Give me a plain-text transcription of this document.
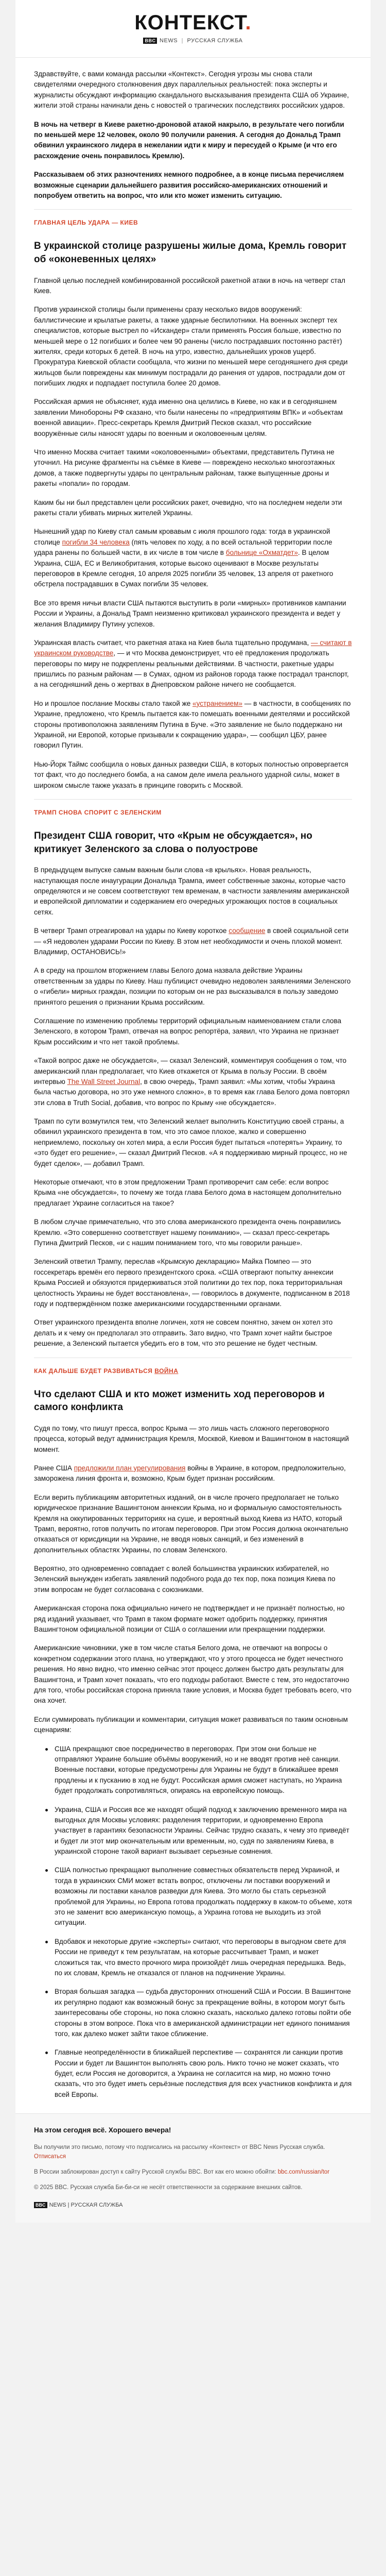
КОНТЕКСТ.
BBC NEWS | РУССКАЯ СЛУЖБА

Здравствуйте, с вами команда рассылки «Контекст». Сегодня угрозы мы снова стали свидетелями очередного столкновения двух параллельных реальностей: пока эксперты и журналисты обсуждают информацию скандального высказывания президента США об Украине, жители этой страны начинали день с новостей о трагических последствиях российских ударов.

В ночь на четверг в Киеве ракетно-дроновой атакой накрыло, в результате чего погибли по меньшей мере 12 человек, около 90 получили ранения. А сегодня до Дональд Трамп обвинил украинского лидера в нежелании идти к миру и пересудей о Крыме (и что его расхождение очень понравилось Кремлю).

Рассказываем об этих разночтениях немного подробнее, а в конце письма перечисляем возможные сценарии дальнейшего развития российско-американских отношений и попробуем ответить на вопрос, что или кто может изменить ситуацию.

ГЛАВНАЯ ЦЕЛЬ УДАРА — КИЕВ
В украинской столице разрушены жилые дома, Кремль говорит об «оконевенных целях»

Главной целью последней комбинированной российской ракетной атаки в ночь на четверг стал Киев.

Против украинской столицы были применены сразу несколько видов вооружений: баллистические и крылатые ракеты, а также ударные беспилотники. На военных эксперт тех специалистов, которые выстрел по «Искандер» стали применять Россия больше, известно по меньшей мере о 12 погибших и более чем 90 ранены (число пострадавших постоянно растёт) жителях, среди которых 6 детей. В ночь на утро, известно, дальнейших уроков ущерб. Прокуратура Киевской области сообщала, что жизни по меньшей мере сегодняшнего дня среди жильцов были повреждены как минимум пострадали до ранения от ударов, пострадали дом от погибших людях и подпадает поступила более 20 домов.

Российская армия не объясняет, куда именно она целились в Киеве, но как и в сегодняшнем заявлении Минобороны РФ сказано, что были нанесены по «предприятиям ВПК» и «объектам военной авиации». Пресс-секретарь Кремля Дмитрий Песков сказал, что российские вооружённые силы наносят удары по военным и околовоенным целям.

Что именно Москва считает такими «околовоенными» объектами, представитель Путина не уточнил. На рисунке фрагменты на съёмке в Киеве — повреждено несколько многоэтажных домов, а также подвергнуты удары по центральным районам, также выпущенные дроны и ракеты «попали» по городам.

Каким бы ни был представлен цели российских ракет, очевидно, что на последнем недели эти ракеты стали убивать мирных жителей Украины.

Нынешний удар по Киеву стал самым кровавым с июля прошлого года: тогда в украинской столице погибли 34 человека (пять человек по ходу, а по всей остальной территории после удара ранены по большей части, в их числе в том числе в больнице «Охматдет». В целом Украина, США, ЕС и Великобритания, которые высоко оценивают в Москве результаты переговоров в Кремле сегодня, 10 апреля 2025 погибли 35 человек, 13 апреля от ракетного обстрела пострадавших в Сумах погибли 35 человек.

Все это время ничьи власти США пытаются выступить в роли «мирных» противников кампании России и Украины, а Дональд Трамп неизменно критиковал украинского президента и ведет у желания Владимиру Путину успехов.

Украинская власть считает, что ракетная атака на Киев была тщательно продумана, — считают в украинском руководстве, — и что Москва демонстрирует, что её предложения продолжать переговоры по миру не подкреплены реальными действиями. В частности, ракетные удары пришлись по разным районам — в Сумах, одном из районов города также пострадал транспорт, а на сегодняшний день о жертвах в Днепровском районе ничего не сообщается.

Но и прошлое послание Москвы стало такой же «устранением» — в частности, в сообщениях по Украине, предложено, что Кремль пытается как-то помешать военными деятелями и российской стороны противоположна заявлениям Путина в Буче. «Это заявление не было поддержано ни Украиной, ни Европой, которые призывали к сокращению удара», — сообщил ЦБУ, ранее говорил Путин.

Нью-Йорк Таймс сообщила о новых данных разведки США, в которых полностью опровергается тот факт, что до последнего бомба, а на самом деле имела реального ударной силы, может в широком смысле также указать в принципе говорить с Москвой.

ТРАМП СНОВА СПОРИТ С ЗЕЛЕНСКИМ
Президент США говорит, что «Крым не обсуждается», но критикует Зеленского за слова о полуострове

В предыдущем выпуске самым важным были слова «в крыльях». Новая реальность, наступающая после инаугурации Дональда Трампа, имеет собственные законы, которые часто определяются и не совсем соответствуют тем временам, в частности заявлениям американской и европейской дипломатии и содержанием его очередных угрожающих постов в социальных сетях.

В четверг Трамп отреагировал на удары по Киеву короткое сообщение в своей социальной сети — «Я недоволен ударами России по Киеву. В этом нет необходимости и очень плохой момент. Владимир, ОСТАНОВИСЬ!»

А в среду на прошлом вторжением главы Белого дома назвала действие Украины ответственным за удары по Киеву. Наш публицист очевидно недоволен заявлениями Зеленского о «гибели» мирных граждан, позиции по которым он не раз высказывался в пользу заведомо принятого решения о признании Крыма российским.

Соглашение по изменению проблемы территорий официальным наименованием стали слова Зеленского, в котором Трамп, отвечая на вопрос репортёра, заявил, что Украина не признает Крым российским и что нет такой проблемы.

«Такой вопрос даже не обсуждается», — сказал Зеленский, комментируя сообщения о том, что американский план предполагает, что Киев откажется от Крыма в пользу России. В своём интервью The Wall Street Journal, в свою очередь, Трамп заявил: «Мы хотим, чтобы Украина была частью договора, но это уже немного сложно», в то время как глава Белого дома повторял эти слова в Truth Social, добавив, что вопрос по Крыму «не обсуждается».

Трамп по сути возмутился тем, что Зеленский желает выполнить Конституцию своей страны, а обвинил украинского президента в том, что это самое плохое, жалко и совершенно неприемлемо, поскольку он хотел мира, а если Россия будет пытаться «потерять» Украину, то «это будет его решение», — сказал Дмитрий Песков. «А я поддерживаю мирный процесс, но не будет сделок», — добавил Трамп.

Некоторые отмечают, что в этом предложении Трамп противоречит сам себе: если вопрос Крыма «не обсуждается», то почему же тогда глава Белого дома в настоящем дополнительно предлагает Украине согласиться на такое?

В любом случае примечательно, что это слова американского президента очень понравились Кремлю. «Это совершенно соответствует нашему пониманию», — сказал пресс-секретарь Путина Дмитрий Песков, «и с нашим пониманием того, что мы говорили раньше».

Зеленский ответил Трампу, переслав «Крымскую декларацию» Майка Помпео — это госсекретарь времён его первого президентского срока. «США отвергают попытку аннексии Крыма Россией и обязуются придерживаться этой политики до тех пор, пока территориальная целостность Украины не будет восстановлена», — говорилось в документе, подписанном в 2018 году и подтверждённом позже американскими государственными органами.

Ответ украинского президента вполне логичен, хотя не совсем понятно, зачем он хотел это делать и к чему он предполагал это отправить. Зато видно, что Трамп хочет найти быстрое решение, а Зеленский пытается убедить его в том, что это решение не будет честным.

КАК ДАЛЬШЕ БУДЕТ РАЗВИВАТЬСЯ ВОЙНА
Что сделают США и кто может изменить ход переговоров и самого конфликта

Судя по тому, что пишут пресса, вопрос Крыма — это лишь часть сложного переговорного процесса, который ведут администрация Кремля, Москвой, Киевом и Вашингтоном в настоящий момент.

Ранее США предложили план урегулирования войны в Украине, в котором, предположительно, заморожена линия фронта и, возможно, Крым будет признан российским.

Если верить публикациям авторитетных изданий, он в числе прочего предполагает не только юридическое признание Вашингтоном аннексии Крыма, но и формальную самостоятельность Кремля на оккупированных территориях на суше, и вероятный выход Киева из НАТО, который Трамп, вероятно, готов получить по итогам переговоров. При этом Россия должна окончательно отказаться от юрисдикции на Украине, не вводя новых санкций, и без изменений в дополнительных областях Украины, по словам Зеленского.

Вероятно, это одновременно совпадает с волей большинства украинских избирателей, но Зеленский вынужден избегать заявлений подобного рода до тех пор, пока позиция Киева по этим вопросам не будет согласована с союзниками.

Американская сторона пока официально ничего не подтверждает и не признаёт полностью, но ряд изданий указывает, что Трамп в таком формате может одобрить поддержку, принятия Вашингтоном официальной позиции от США о соглашении или прекращении поддержки.

Американские чиновники, уже в том числе статья Белого дома, не отвечают на вопросы о конкретном содержании этого плана, но утверждают, что у этого процесса не будет нечестного решения. Но явно видно, что именно сейчас этот процесс должен быстро дать результаты для Вашингтона, и Трамп хочет показать, что его подходы работают. Вместе с тем, это недостаточно для того, чтобы российская сторона приняла такие условия, и Москва будет требовать всего, что она хочет.

Если суммировать публикации и комментарии, ситуация может развиваться по таким основным сценариям:

США прекращают свое посредничество в переговорах. При этом они больше не отправляют Украине большие объёмы вооружений, но и не вводят против неё санкции. Военные поставки, которые предусмотрены для Украины не будут в ближайшее время продлены и к пусканию в ход не будут. Российская армия сможет наступать, но Украина будет продолжать сопротивляться, опираясь на европейскую помощь.
Украина, США и Россия все же находят общий подход к заключению временного мира на выгодных для Москвы условиях: разделения территории, и одновременно Европа участвует в гарантиях безопасности Украины. Сейчас трудно сказать, к чему это приведёт и будет ли этот мир окончательным или временным, но, судя по заявлениям Киева, в украинской стороне такой вариант вызывает серьезные сомнения.
США полностью прекращают выполнение совместных обязательств перед Украиной, и тогда в украинских СМИ может встать вопрос, отключены ли поставки вооружений и возможны ли поставки каналов разведки для Киева. Это могло бы стать серьезной проблемой для Украины, но Европа готова продолжать поддержку в каком-то объеме, хотя это не заменит всю американскую помощь, а Украина готова не выходить из этой ситуации.
Вдобавок и некоторые другие «эксперты» считают, что переговоры в выгодном свете для России не приведут к тем результатам, на которые рассчитывает Трамп, и может сложиться так, что вместо прочного мира произойдёт лишь очередная передышка. Ведь, по их словам, Кремль не отказался от планов на подчинение Украины.
Вторая большая загадка — судьба двусторонних отношений США и России. В Вашингтоне их регулярно подают как возможный бонус за прекращение войны, в котором могут быть заинтересованы обе стороны, но пока сложно сказать, насколько далеко готовы пойти обе стороны в этом вопросе. Пока что в американской администрации нет единого понимания того, как далеко может зайти такое сближение.
Главные неопределённости в ближайшей перспективе — сохранятся ли санкции против России и будет ли Вашингтон выполнять свою роль. Никто точно не может сказать, что будет, если Россия не договорится, а Украина не согласится на мир, но можно точно сказать, что это будет иметь серьёзные последствия для всех участников конфликта и для всей Европы.
На этом сегодня всё. Хорошего вечера!
Вы получили это письмо, потому что подписались на рассылку «Контекст» от BBC News Русская служба. Отписаться
В России заблокирован доступ к сайту Русской службы BBC. Вот как его можно обойти: bbc.com/russian/tor
© 2025 BBC. Русская служба Би-би-си не несёт ответственности за содержание внешних сайтов.
BBC NEWS | РУССКАЯ СЛУЖБА
